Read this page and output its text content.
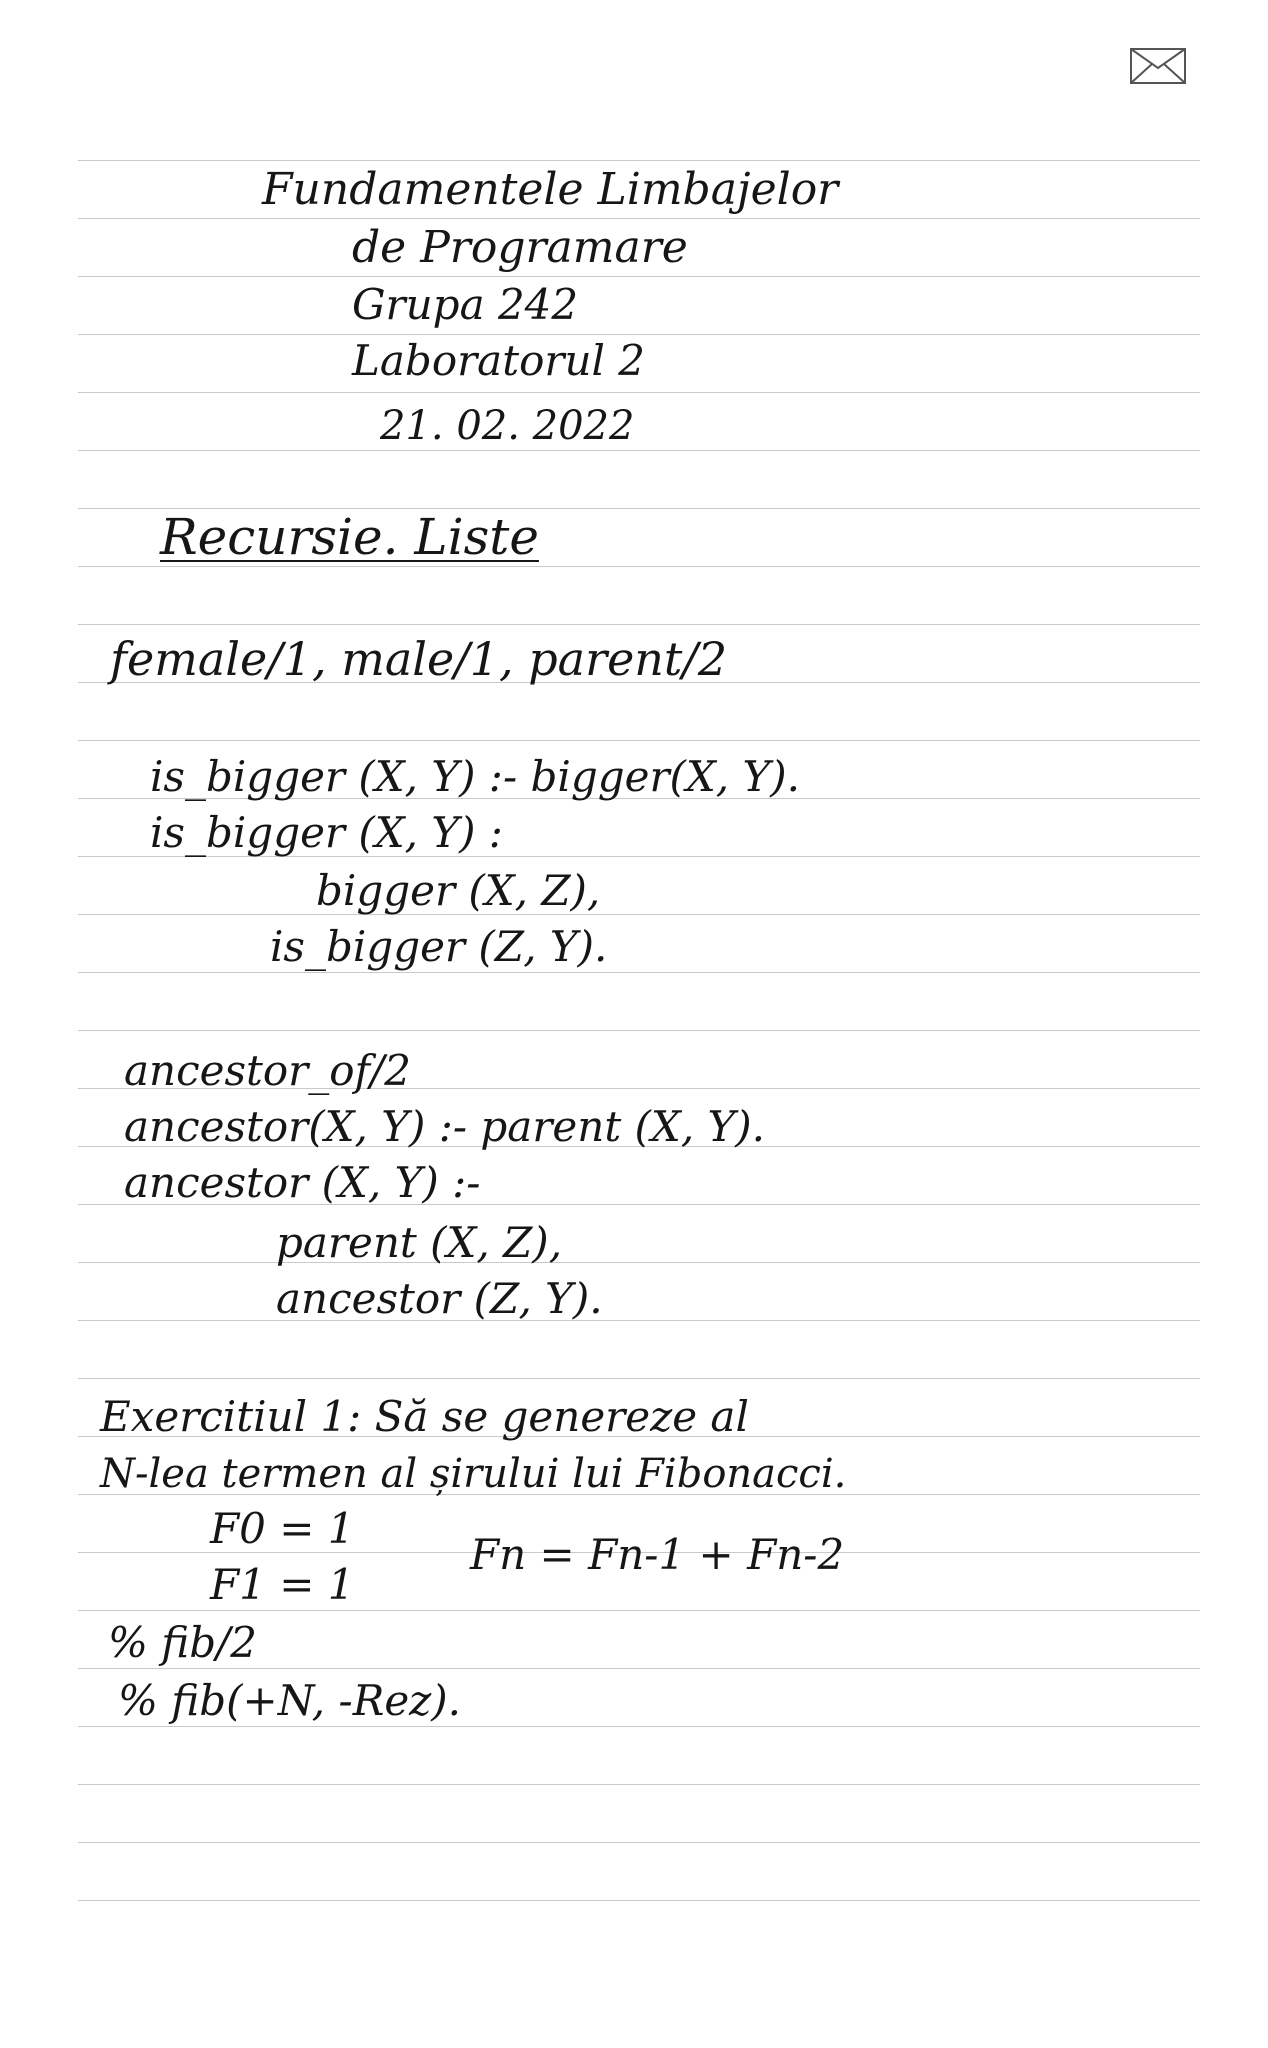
Fundamentele Limbajelor
de Programare
Grupa 242
Laboratorul 2
21. 02. 2022
Recursie. Liste
female/1, male/1, parent/2
is_bigger (X, Y) :- bigger(X, Y).
is_bigger (X, Y) :
bigger (X, Z),
is_bigger (Z, Y).
ancestor_of/2
ancestor(X, Y) :- parent (X, Y).
ancestor (X, Y) :-
parent (X, Z),
ancestor (Z, Y).
Exercitiul 1: Să se genereze al
N-lea termen al șirului lui Fibonacci.
F0 = 1
Fn = Fn-1 + Fn-2
F1 = 1
% fib/2
% fib(+N, -Rez).
